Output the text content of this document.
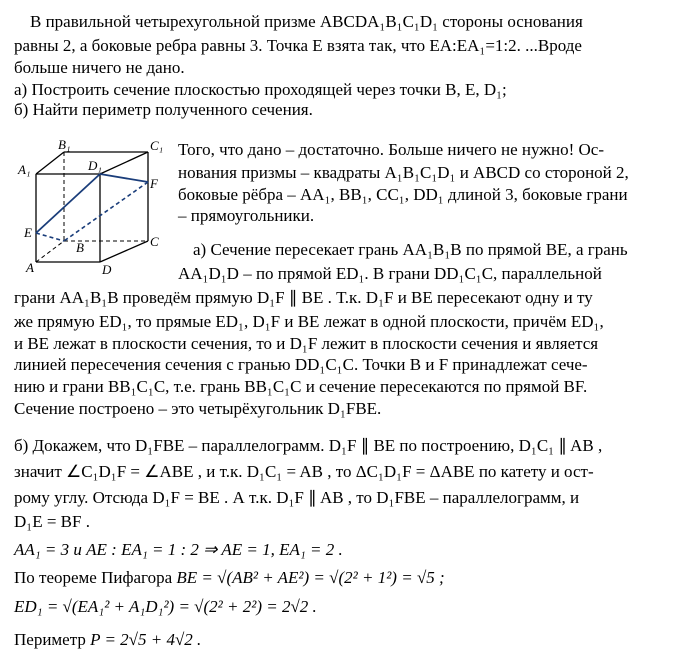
В правильной четырехугольной призме ABCDA₁B₁C₁D₁ стороны основания
равны 2, а боковые ребра равны 3. Точка E взята так, что EA:EA₁=1:2. ...Вроде
больше ничего не дано.
а) Построить сечение плоскостью проходящей через точки B, E, D₁;
б) Найти периметр полученного сечения.
B₁	C₁
D₁
A₁
F
E
B	C
A	D
Того, что дано – достаточно. Больше ничего не нужно! Ос-
нования призмы – квадраты A₁B₁C₁D₁ и ABCD со стороной 2,
боковые рёбра – AA₁, BB₁, CC₁, DD₁ длиной 3, боковые грани
– прямоугольники.
а) Сечение пересекает грань AA₁B₁B по прямой BE, а грань
AA₁D₁D – по прямой ED₁. В грани DD₁C₁C, параллельной
грани AA₁B₁B проведём прямую D₁F ∥ BE . Т.к. D₁F и BE пересекают одну и ту
же прямую ED₁, то прямые ED₁, D₁F и BE лежат в одной плоскости, причём ED₁,
и BE лежат в плоскости сечения, то и D₁F лежит в плоскости сечения и является
линией пересечения сечения с гранью DD₁C₁C. Точки B и F принадлежат сече-
нию и грани BB₁C₁C, т.е. грань BB₁C₁C и сечение пересекаются по прямой BF.
Сечение построено – это четырёхугольник D₁FBE.
б) Докажем, что D₁FBE – параллелограмм. D₁F ∥ BE по построению, D₁C₁ ∥ AB ,
значит ∠C₁D₁F = ∠ABE , и т.к. D₁C₁ = AB , то ΔC₁D₁F = ΔABE по катету и ост-
рому углу. Отсюда D₁F = BE . А т.к. D₁F ∥ AB , то D₁FBE – параллелограмм, и
D₁E = BF .
AA₁ = 3 и AE : EA₁ = 1 : 2 ⇒ AE = 1, EA₁ = 2 .
По теореме Пифагора BE = √(AB² + AE²) = √(2² + 1²) = √5 ;
ED₁ = √(EA₁² + A₁D₁²) = √(2² + 2²) = 2√2 .
Периметр P = 2√5 + 4√2 .
